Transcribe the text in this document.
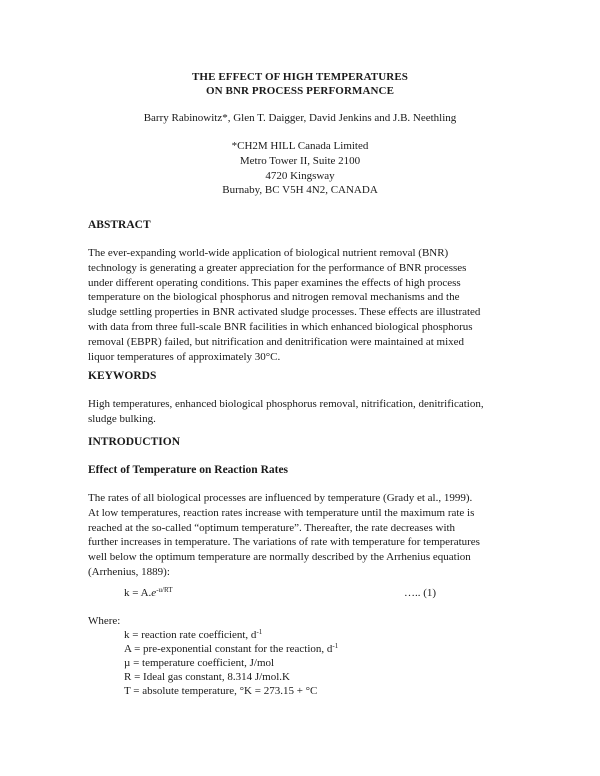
THE EFFECT OF HIGH TEMPERATURES
ON BNR PROCESS PERFORMANCE
Barry Rabinowitz*, Glen T. Daigger, David Jenkins and J.B. Neethling
*CH2M HILL Canada Limited
Metro Tower II, Suite 2100
4720 Kingsway
Burnaby, BC V5H 4N2, CANADA
ABSTRACT
The ever-expanding world-wide application of biological nutrient removal (BNR)
technology is generating a greater appreciation for the performance of BNR processes
under different operating conditions. This paper examines the effects of high process
temperature on the biological phosphorus and nitrogen removal mechanisms and the
sludge settling properties in BNR activated sludge processes. These effects are illustrated
with data from three full-scale BNR facilities in which enhanced biological phosphorus
removal (EBPR) failed, but nitrification and denitrification were maintained at mixed
liquor temperatures of approximately 30°C.
KEYWORDS
High temperatures, enhanced biological phosphorus removal, nitrification, denitrification,
sludge bulking.
INTRODUCTION
Effect of Temperature on Reaction Rates
The rates of all biological processes are influenced by temperature (Grady et al., 1999).
At low temperatures, reaction rates increase with temperature until the maximum rate is
reached at the so-called “optimum temperature”. Thereafter, the rate decreases with
further increases in temperature. The variations of rate with temperature for temperatures
well below the optimum temperature are normally described by the Arrhenius equation
(Arrhenius, 1889):
$k = A.e^{-u/RT}$	….. (1)
Where:
k = reaction rate coefficient, $d^{-1}$
A = pre-exponential constant for the reaction, $d^{-1}$
µ = temperature coefficient, J/mol
R = Ideal gas constant, 8.314 J/mol.K
T = absolute temperature, °K = 273.15 + °C
